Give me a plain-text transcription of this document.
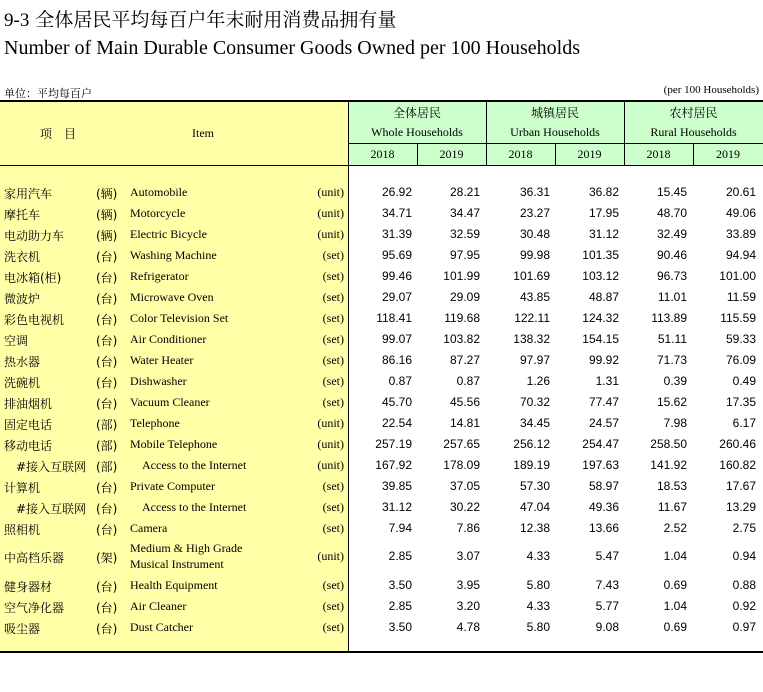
9-3 全体居民平均每百户年末耐用消费品拥有量
Number of Main Durable Consumer Goods Owned per 100 Households
单位：平均每百户	(per 100 Households)
项　目	Item
全体居民
Whole Households
城镇居民
Urban Households
农村居民
Rural Households
2018	2019	2018	2019	2018	2019
家用汽车	(辆) Automobile	(unit)	26.92	28.21	36.31	36.82	15.45	20.61
摩托车	(辆) Motorcycle	(unit)	34.71	34.47	23.27	17.95	48.70	49.06
电动助力车	(辆) Electric Bicycle	(unit)	31.39	32.59	30.48	31.12	32.49	33.89
洗衣机	(台) Washing Machine	(set)	95.69	97.95	99.98	101.35	90.46	94.94
电冰箱(柜)	(台) Refrigerator	(set)	99.46	101.99	101.69	103.12	96.73	101.00
微波炉	(台) Microwave Oven	(set)	29.07	29.09	43.85	48.87	11.01	11.59
彩色电视机	(台) Color Television Set	(set)	118.41	119.68	122.11	124.32	113.89	115.59
空调	(台) Air Conditioner	(set)	99.07	103.82	138.32	154.15	51.11	59.33
热水器	(台) Water Heater	(set)	86.16	87.27	97.97	99.92	71.73	76.09
洗碗机	(台) Dishwasher	(set)	0.87	0.87	1.26	1.31	0.39	0.49
排油烟机	(台) Vacuum Cleaner	(set)	45.70	45.56	70.32	77.47	15.62	17.35
固定电话	(部) Telephone	(unit)	22.54	14.81	34.45	24.57	7.98	6.17
移动电话	(部) Mobile Telephone	(unit)	257.19	257.65	256.12	254.47	258.50	260.46
　#接入互联网 (部) Access to the Internet	(unit)	167.92	178.09	189.19	197.63	141.92	160.82
计算机	(台) Private Computer	(set)	39.85	37.05	57.30	58.97	18.53	17.67
　#接入互联网 (台) Access to the Internet	(set)	31.12	30.22	47.04	49.36	11.67	13.29
照相机	(台) Camera	(set)	7.94	7.86	12.38	13.66	2.52	2.75
中高档乐器	(架)
Medium & High Grade
Musical Instrument
(unit)	2.85	3.07	4.33	5.47	1.04	0.94
健身器材	(台) Health Equipment	(set)	3.50	3.95	5.80	7.43	0.69	0.88
空气净化器	(台) Air Cleaner	(set)	2.85	3.20	4.33	5.77	1.04	0.92
吸尘器	(台) Dust Catcher	(set)	3.50	4.78	5.80	9.08	0.69	0.97
